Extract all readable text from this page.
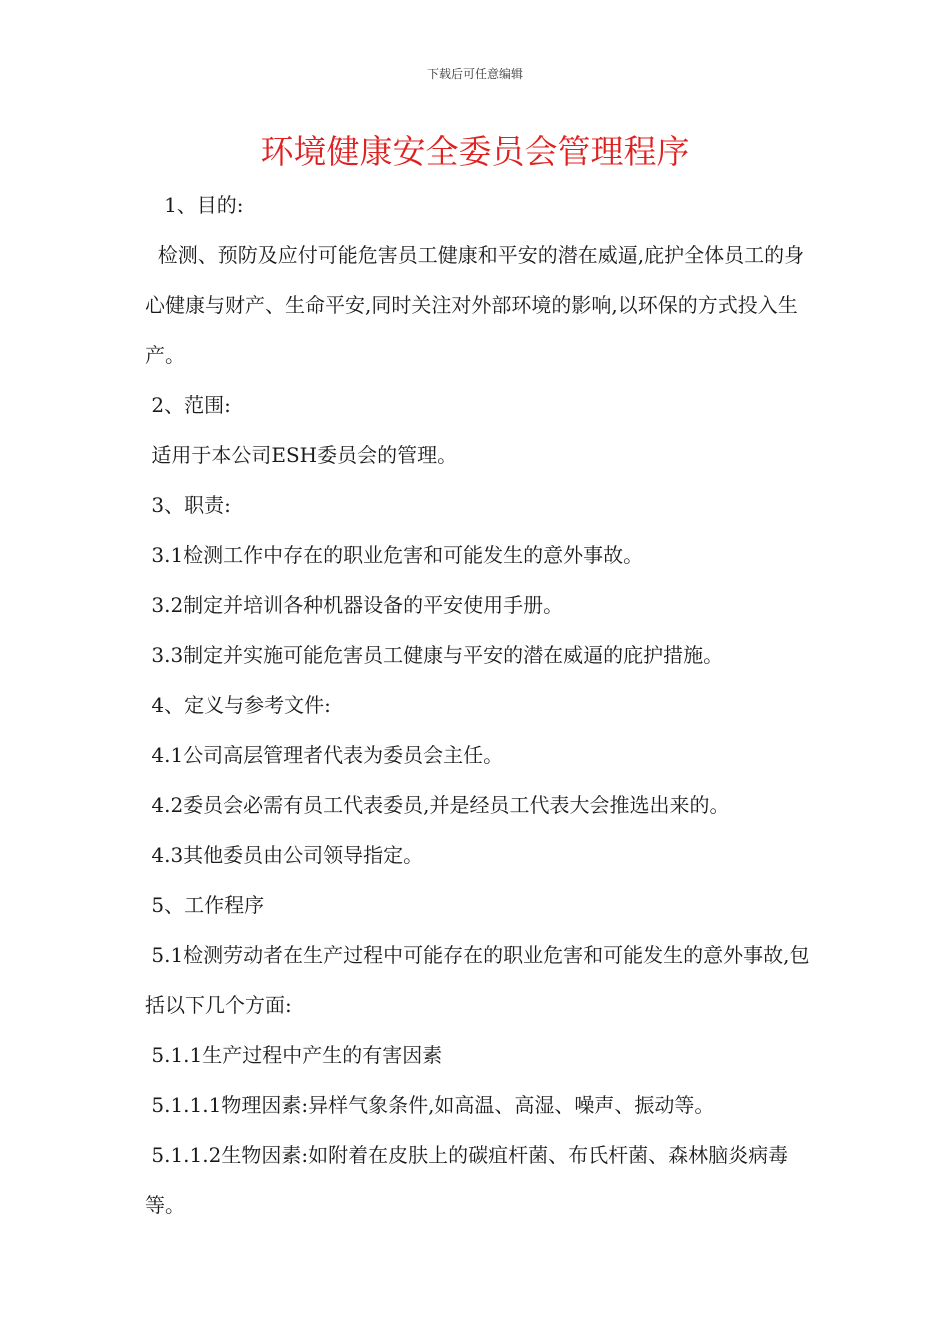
下载后可任意编辑
环境健康安全委员会管理程序

1、目的:

检测、预防及应付可能危害员工健康和平安的潜在威逼,庇护全体员工的身心健康与财产、生命平安,同时关注对外部环境的影响,以环保的方式投入生产。

2、范围:

适用于本公司ESH委员会的管理。

3、职责:

3.1检测工作中存在的职业危害和可能发生的意外事故。

3.2制定并培训各种机器设备的平安使用手册。

3.3制定并实施可能危害员工健康与平安的潜在威逼的庇护措施。

4、定义与参考文件:

4.1公司高层管理者代表为委员会主任。

4.2委员会必需有员工代表委员,并是经员工代表大会推选出来的。

4.3其他委员由公司领导指定。

5、工作程序

5.1检测劳动者在生产过程中可能存在的职业危害和可能发生的意外事故,包括以下几个方面:

5.1.1生产过程中产生的有害因素

5.1.1.1物理因素:异样气象条件,如高温、高湿、噪声、振动等。

5.1.1.2生物因素:如附着在皮肤上的碳疽杆菌、布氏杆菌、森林脑炎病毒等。
